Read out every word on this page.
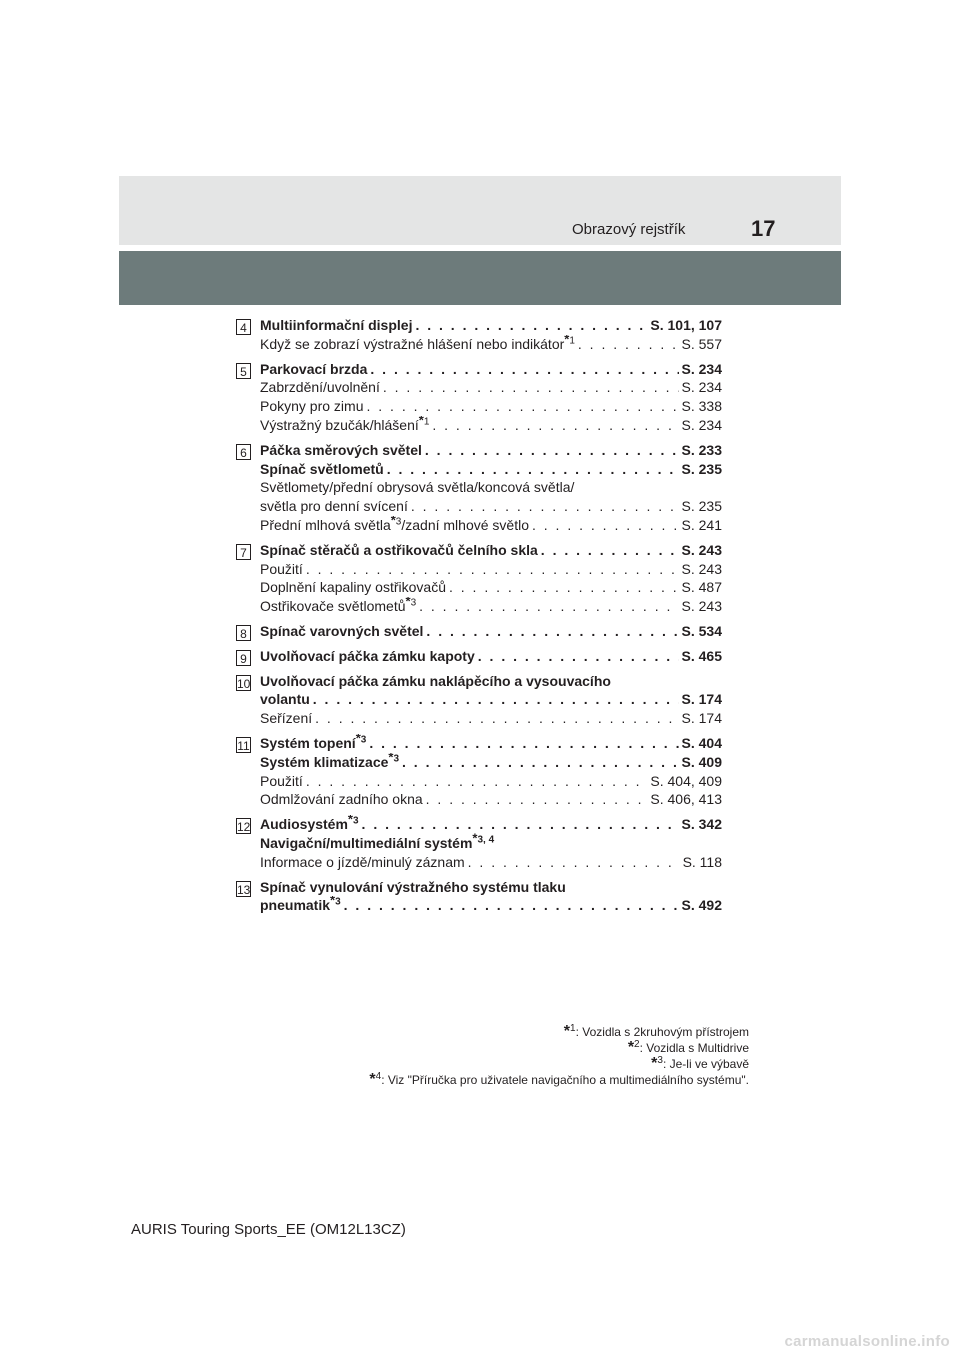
Obrazový rejstřík	17
4 Multiinformační displej . . .	S. 101, 107
Když se zobrazí výstražné hlášení nebo indikátor$^{*1}$ . . .	S. 557
5 Parkovací brzda . . .	S. 234
Zabrzdění/uvolnění . . .	S. 234
Pokyny pro zimu . . .	S. 338
Výstražný bzučák/hlášení$^{*1}$ . . .	S. 234
6 Páčka směrových světel . . .	S. 233
Spínač světlometů . . .	S. 235
Světlomety/přední obrysová světla/koncová světla/
světla pro denní svícení . . .	S. 235
Přední mlhová světla$^{*3}$/zadní mlhové světlo . . .	S. 241
7 Spínač stěračů a ostřikovačů čelního skla . . .	S. 243
Použití . . .	S. 243
Doplnění kapaliny ostřikovačů . . .	S. 487
Ostřikovače světlometů$^{*3}$ . . .	S. 243
8 Spínač varovných světel . . .	S. 534
9 Uvolňovací páčka zámku kapoty . . .	S. 465
10 Uvolňovací páčka zámku naklápěcího a vysouvacího
volantu . . .	S. 174
Seřízení . . .	S. 174
11 Systém topení$^{*3}$ . . .	S. 404
Systém klimatizace$^{*3}$ . . .	S. 409
Použití . . .	S. 404, 409
Odmlžování zadního okna . . .	S. 406, 413
12 Audiosystém$^{*3}$ . . .	S. 342
Navigační/multimediální systém$^{*3, 4}$
Informace o jízdě/minulý záznam . . .	S. 118
13 Spínač vynulování výstražného systému tlaku
pneumatik$^{*3}$ . . .	S. 492
*$^1$: Vozidla s 2kruhovým přístrojem
*$^2$: Vozidla s Multidrive
*$^3$: Je-li ve výbavě
*$^4$: Viz "Příručka pro uživatele navigačního a multimediálního systému".
AURIS Touring Sports_EE (OM12L13CZ)
carmanualsonline.info
